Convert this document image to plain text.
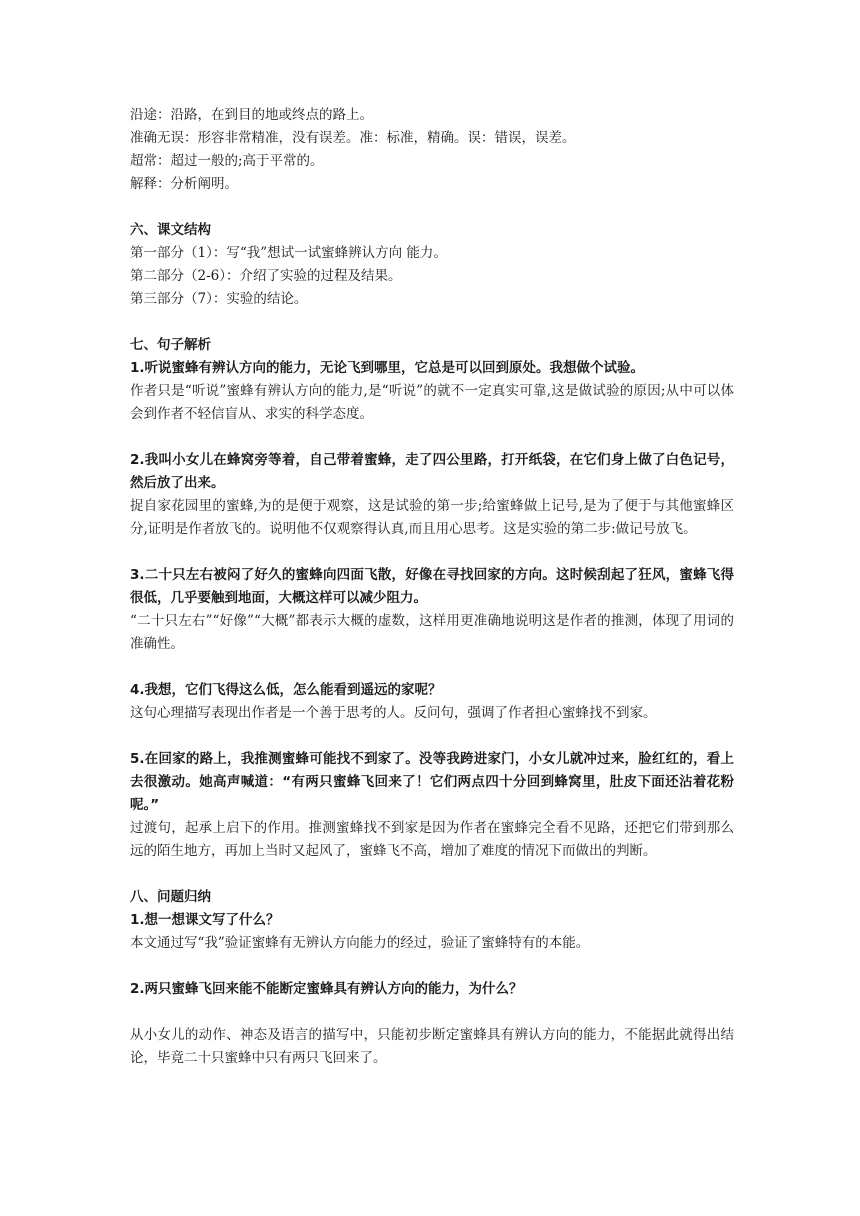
沿途：沿路，在到目的地或终点的路上。
准确无误：形容非常精准，没有误差。准：标准，精确。误：错误，误差。
超常：超过一般的;高于平常的。
解释：分析阐明。
六、课文结构
第一部分（1）：写“我”想试一试蜜蜂辨认方向 能力。
第二部分（2-6）：介绍了实验的过程及结果。
第三部分（7）：实验的结论。
七、句子解析
1.听说蜜蜂有辨认方向的能力，无论飞到哪里，它总是可以回到原处。我想做个试验。
作者只是“听说”蜜蜂有辨认方向的能力,是“听说”的就不一定真实可靠,这是做试验的原因;从中可以体会到作者不轻信盲从、求实的科学态度。
2.我叫小女儿在蜂窝旁等着，自己带着蜜蜂，走了四公里路，打开纸袋，在它们身上做了白色记号，然后放了出来。
捉自家花园里的蜜蜂,为的是便于观察，这是试验的第一步;给蜜蜂做上记号,是为了便于与其他蜜蜂区分,证明是作者放飞的。说明他不仅观察得认真,而且用心思考。这是实验的第二步:做记号放飞。
3.二十只左右被闷了好久的蜜蜂向四面飞散，好像在寻找回家的方向。这时候刮起了狂风，蜜蜂飞得很低，几乎要触到地面，大概这样可以减少阻力。
“二十只左右”“好像”“大概”都表示大概的虚数，这样用更准确地说明这是作者的推测，体现了用词的准确性。
4.我想，它们飞得这么低，怎么能看到遥远的家呢？
这句心理描写表现出作者是一个善于思考的人。反问句，强调了作者担心蜜蜂找不到家。
5.在回家的路上，我推测蜜蜂可能找不到家了。没等我跨进家门，小女儿就冲过来，脸红红的，看上去很激动。她高声喊道：“有两只蜜蜂飞回来了！它们两点四十分回到蜂窝里，肚皮下面还沾着花粉呢。”
过渡句，起承上启下的作用。推测蜜蜂找不到家是因为作者在蜜蜂完全看不见路，还把它们带到那么远的陌生地方，再加上当时又起风了，蜜蜂飞不高，增加了难度的情况下而做出的判断。
八、问题归纳
1.想一想课文写了什么？
本文通过写“我”验证蜜蜂有无辨认方向能力的经过，验证了蜜蜂特有的本能。
2.两只蜜蜂飞回来能不能断定蜜蜂具有辨认方向的能力，为什么？
从小女儿的动作、神态及语言的描写中，只能初步断定蜜蜂具有辨认方向的能力，不能据此就得出结论，毕竟二十只蜜蜂中只有两只飞回来了。
